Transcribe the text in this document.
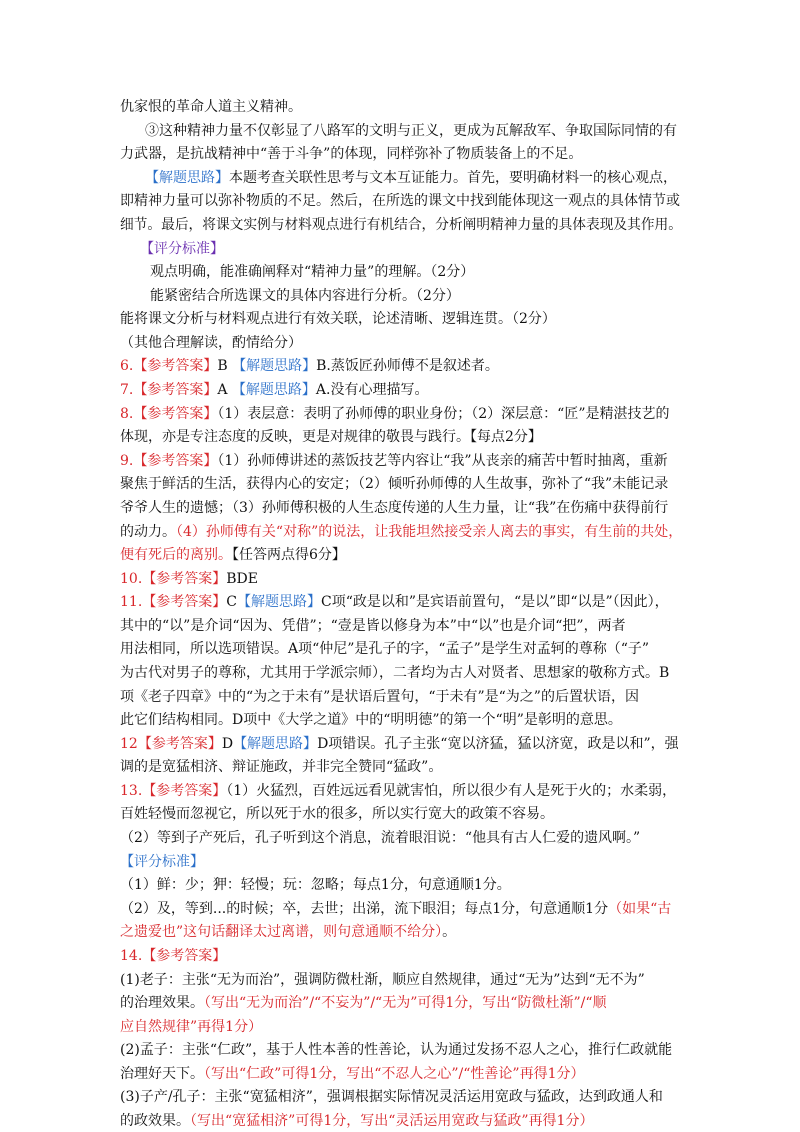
仇家恨的革命人道主义精神。
③这种精神力量不仅彰显了八路军的文明与正义，更成为瓦解敌军、争取国际同情的有
力武器，是抗战精神中“善于斗争”的体现，同样弥补了物质装备上的不足。
【解题思路】本题考查关联性思考与文本互证能力。首先，要明确材料一的核心观点，
即精神力量可以弥补物质的不足。然后，在所选的课文中找到能体现这一观点的具体情节或
细节。最后，将课文实例与材料观点进行有机结合，分析阐明精神力量的具体表现及其作用。
【评分标准】
观点明确，能准确阐释对“精神力量”的理解。（2分）
能紧密结合所选课文的具体内容进行分析。（2分）
能将课文分析与材料观点进行有效关联，论述清晰、逻辑连贯。（2分）
（其他合理解读，酌情给分）
6.【参考答案】B 【解题思路】B.蒸饭匠孙师傅不是叙述者。
7.【参考答案】A 【解题思路】A.没有心理描写。
8.【参考答案】（1）表层意：表明了孙师傅的职业身份；（2）深层意：“匠”是精湛技艺的
体现，亦是专注态度的反映，更是对规律的敬畏与践行。【每点2分】
9.【参考答案】（1）孙师傅讲述的蒸饭技艺等内容让“我”从丧亲的痛苦中暂时抽离，重新
聚焦于鲜活的生活，获得内心的安定；（2）倾听孙师傅的人生故事，弥补了“我”未能记录
爷爷人生的遗憾；（3）孙师傅积极的人生态度传递的人生力量，让“我”在伤痛中获得前行
的动力。（4）孙师傅有关“对称”的说法，让我能坦然接受亲人离去的事实，有生前的共处，
便有死后的离别。【任答两点得6分】
10.【参考答案】BDE
11.【参考答案】C【解题思路】C项“政是以和”是宾语前置句，“是以”即“以是”（因此），
其中的“以”是介词“因为、凭借”；“壹是皆以修身为本”中“以”也是介词“把”，两者
用法相同，所以选项错误。A项“仲尼”是孔子的字，“孟子”是学生对孟轲的尊称（“子”
为古代对男子的尊称，尤其用于学派宗师），二者均为古人对贤者、思想家的敬称方式。B
项《老子四章》中的“为之于未有”是状语后置句，“于未有”是“为之”的后置状语，因
此它们结构相同。D项中《大学之道》中的“明明德”的第一个“明”是彰明的意思。
12【参考答案】D【解题思路】D项错误。孔子主张“宽以济猛，猛以济宽，政是以和”，强
调的是宽猛相济、辩证施政，并非完全赞同“猛政”。
13.【参考答案】（1）火猛烈，百姓远远看见就害怕，所以很少有人是死于火的；水柔弱，
百姓轻慢而忽视它，所以死于水的很多，所以实行宽大的政策不容易。
（2）等到子产死后，孔子听到这个消息，流着眼泪说：“他具有古人仁爱的遗风啊。”
【评分标准】
（1）鲜：少；狎：轻慢；玩：忽略；每点1分，句意通顺1分。
（2）及，等到...的时候；卒，去世；出涕，流下眼泪；每点1分，句意通顺1分（如果“古
之遗爱也”这句话翻译太过离谱，则句意通顺不给分）。
14.【参考答案】
(1)老子：主张“无为而治”，强调防微杜渐，顺应自然规律，通过“无为”达到“无不为”
的治理效果。（写出“无为而治”/“不妄为”/“无为”可得1分，写出“防微杜渐”/“顺
应自然规律”再得1分）
(2)孟子：主张“仁政”，基于人性本善的性善论，认为通过发扬不忍人之心，推行仁政就能
治理好天下。（写出“仁政”可得1分，写出“不忍人之心”/“性善论”再得1分）
(3)子产/孔子：主张“宽猛相济”，强调根据实际情况灵活运用宽政与猛政，达到政通人和
的政效果。（写出“宽猛相济”可得1分，写出“灵活运用宽政与猛政”再得1分）
